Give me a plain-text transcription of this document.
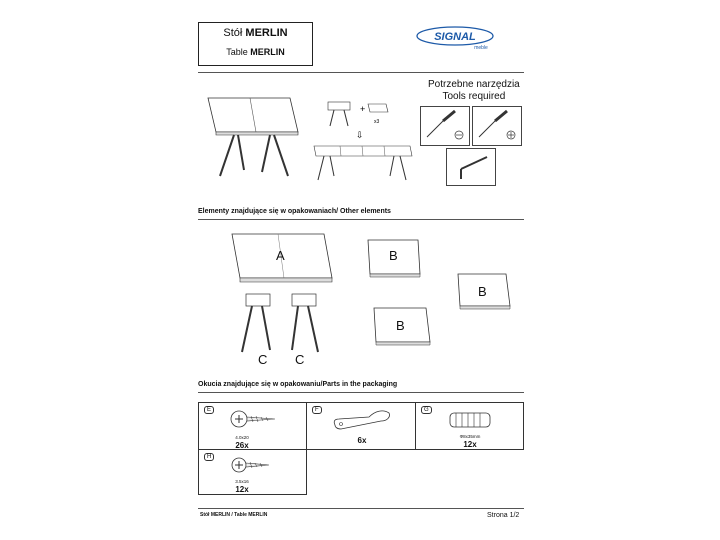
Stół MERLIN
Table MERLIN
SIGNAL
meble
+
x3
⇩
Potrzebne narzędzia
Tools required
Elementy znajdujące się w opakowaniach/ Other elements
A	B
B
B
C C
Okucia znajdujące się w opakowaniu/Parts in the packaging
E
4.0x20
26x
F
6x
G
Φ8x35mm
12x
H
3.5x16
12x
Stół MERLIN / Table MERLIN	Strona 1/2
